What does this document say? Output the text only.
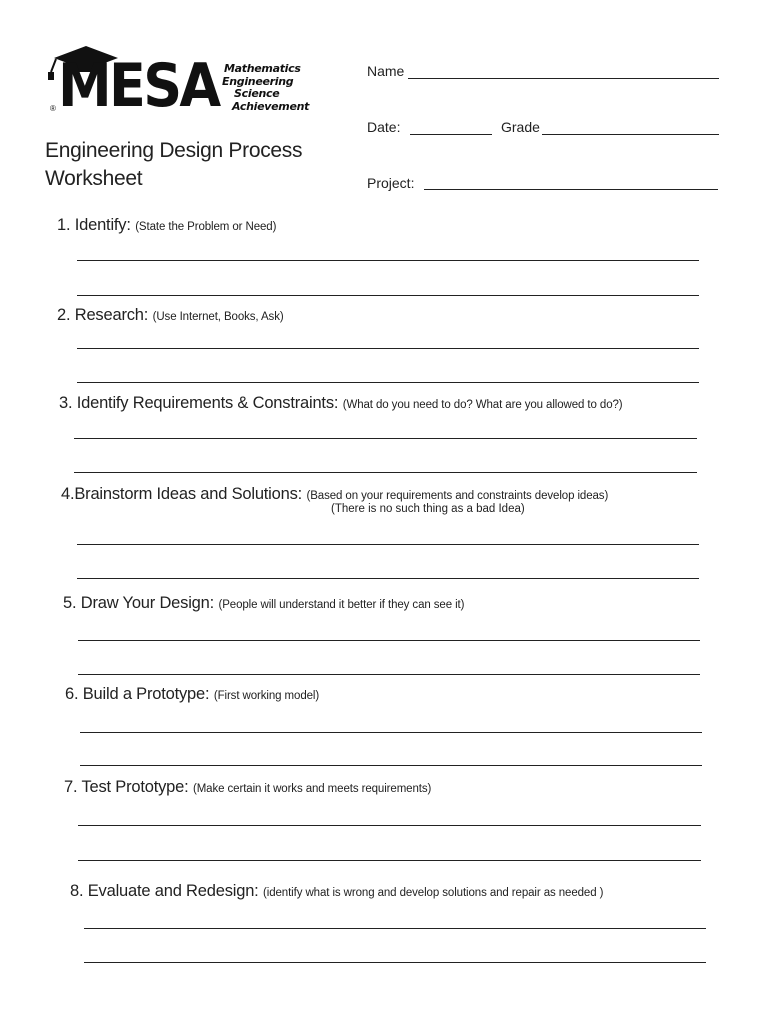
MESA
®
Mathematics
Engineering
Science
Achievement
Engineering Design Process
Worksheet
Name
Date:	Grade
Project:
1. Identify: (State the Problem or Need)
2. Research: (Use Internet, Books, Ask)
3. Identify Requirements & Constraints: (What do you need to do? What are you allowed to do?)
4.Brainstorm Ideas and Solutions: (Based on your requirements and constraints develop ideas)
(There is no such thing as a bad Idea)
5. Draw Your Design: (People will understand it better if they can see it)
6. Build a Prototype: (First working model)
7. Test Prototype: (Make certain it works and meets requirements)
8. Evaluate and Redesign: (identify what is wrong and develop solutions and repair as needed )
